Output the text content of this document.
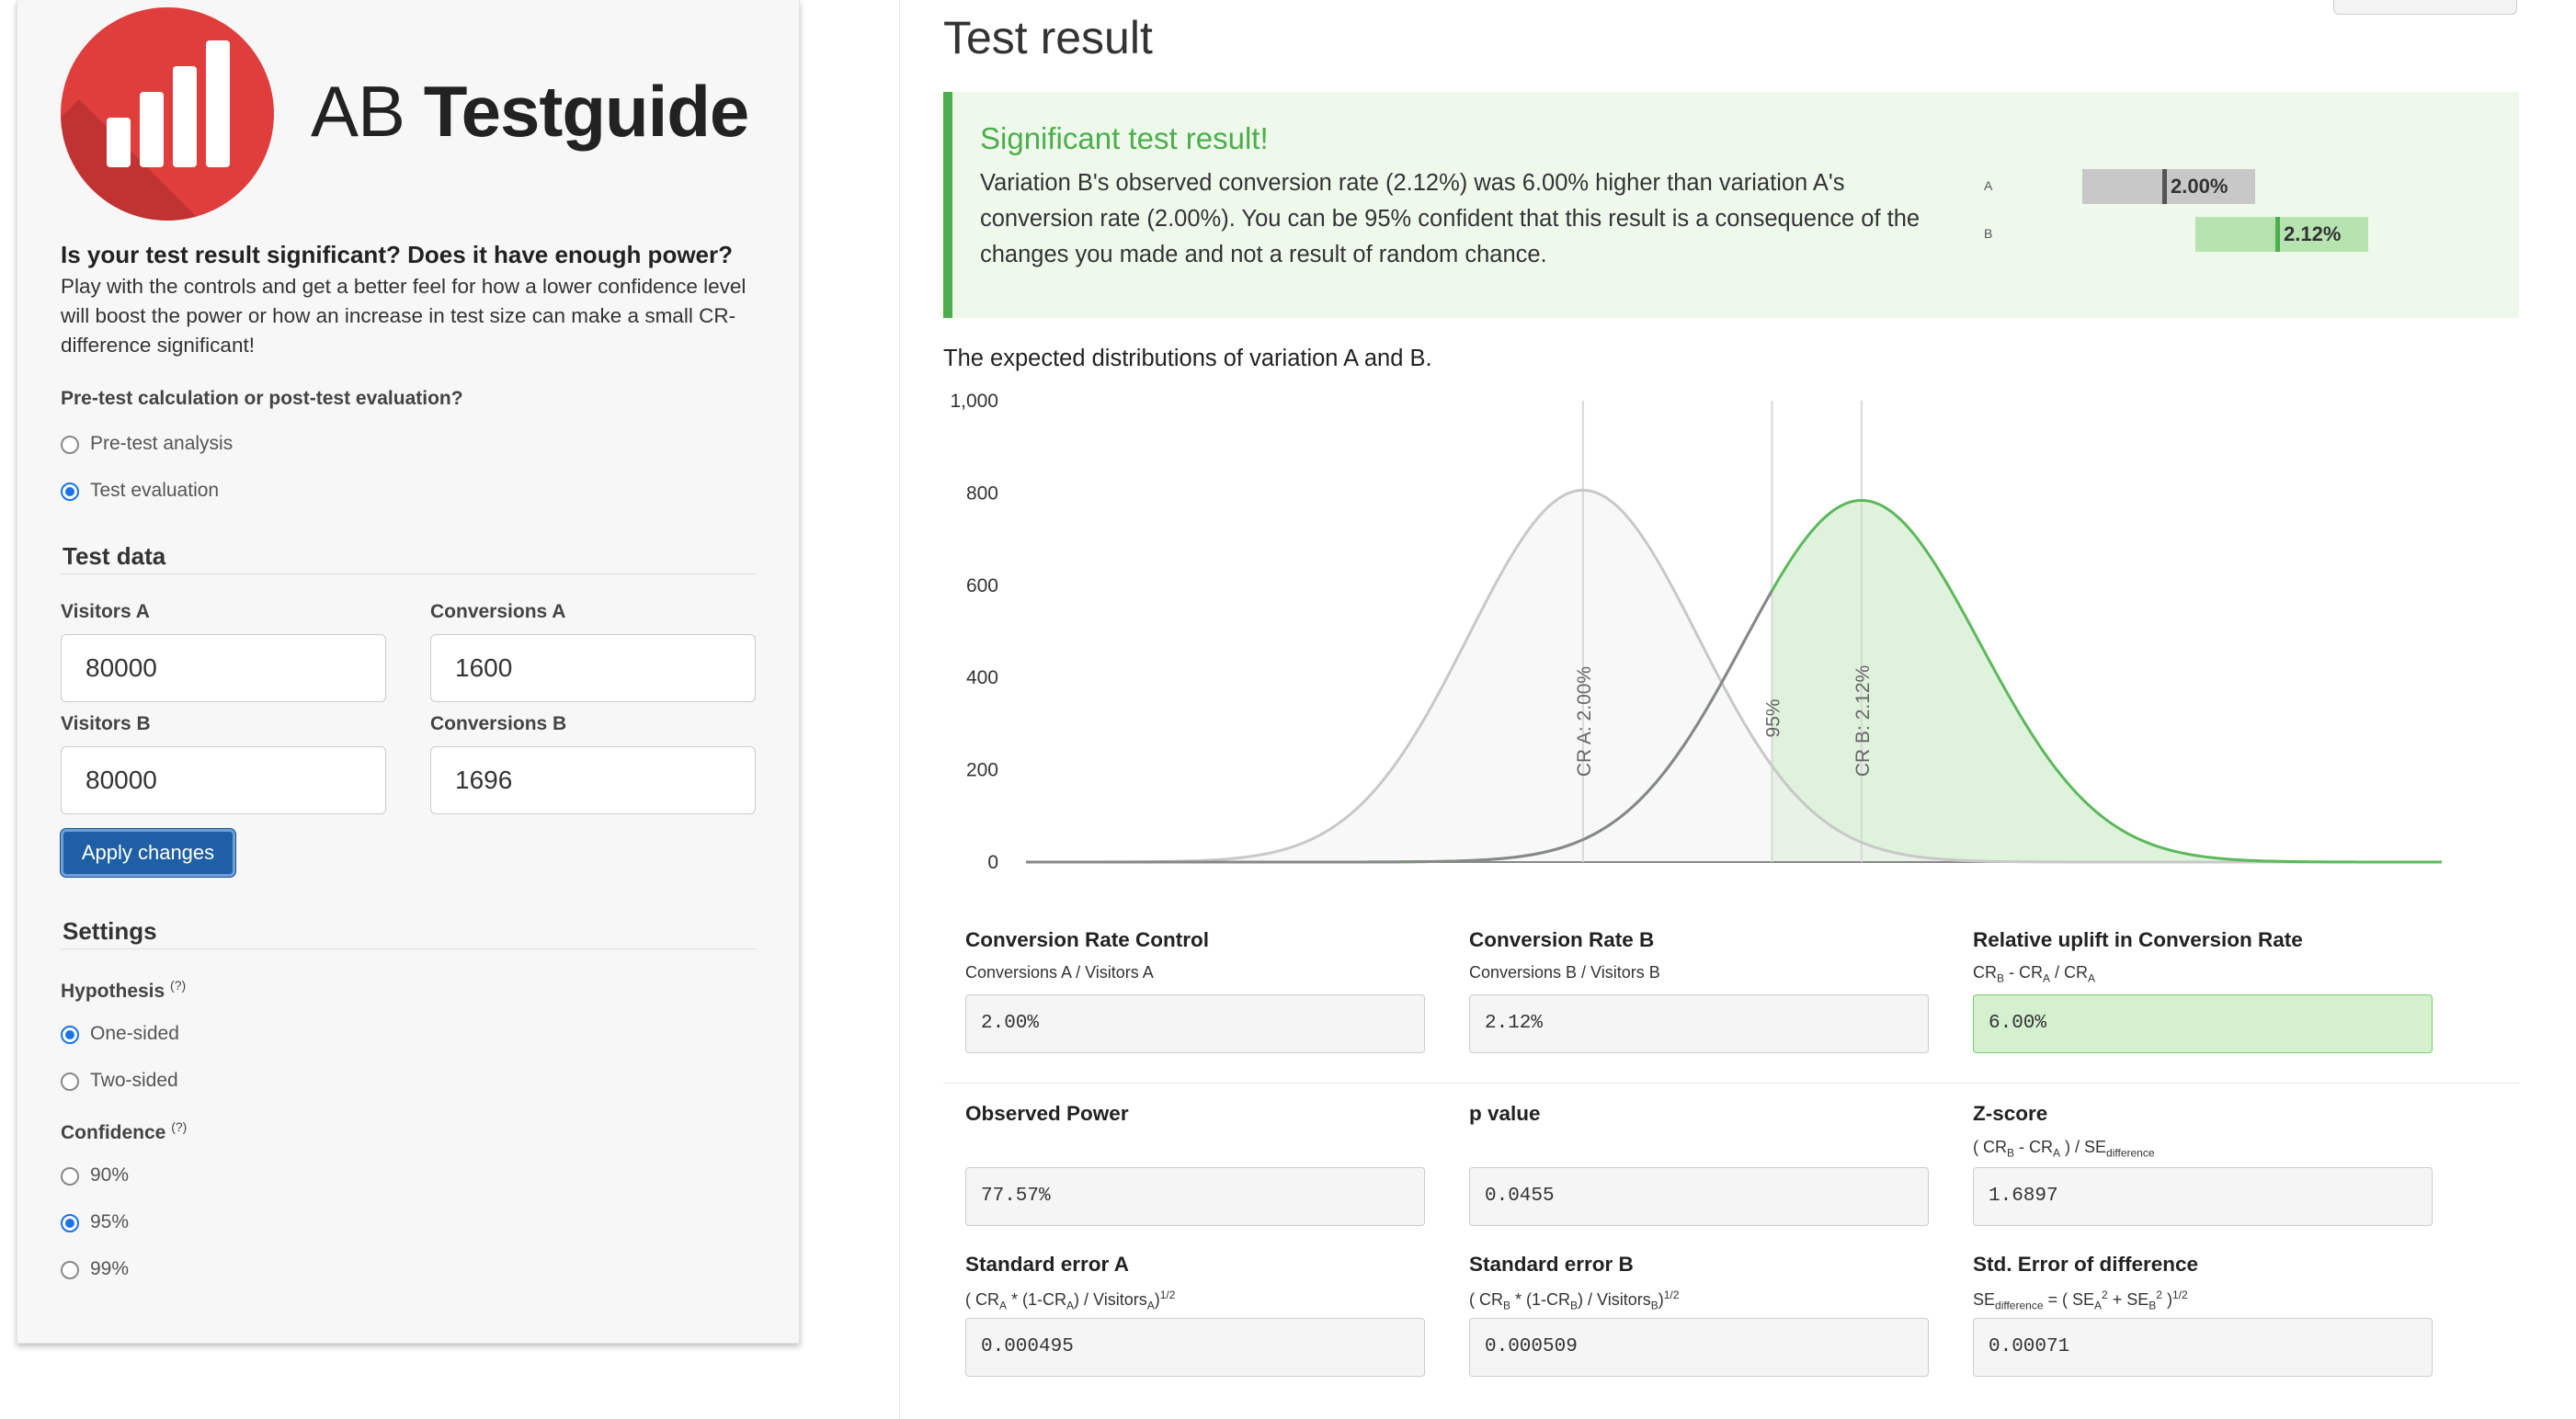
AB Testguide
Is your test result significant? Does it have enough power?
Play with the controls and get a better feel for how a lower confidence level will boost the power or how an increase in test size can make a small CR-difference significant!
Pre-test calculation or post-test evaluation?
Pre-test analysis
Test evaluation
Test data
Visitors A	Conversions A
80000	1600
Visitors B	Conversions B
80000	1696
Apply changes
Settings
Hypothesis (?)
One-sided
Two-sided
Confidence (?)
90%
95%
99%
Test result
Significant test result!
Variation B's observed conversion rate (2.12%) was 6.00% higher than variation A's conversion rate (2.00%). You can be 95% confident that this result is a consequence of the changes you made and not a result of random chance.
A	2.00%
B	2.12%
The expected distributions of variation A and B.
1,000
800
600
400
200
0
CR A: 2.00%	95%	CR B: 2.12%
Conversion Rate Control
Conversions A / Visitors A
2.00%
Conversion Rate B
Conversions B / Visitors B
2.12%
Relative uplift in Conversion Rate
$CR_B - CR_A / CR_A$
6.00%
Observed Power
77.57%
p value
0.0455
Z-score
( $CR_B - CR_A$ ) / $SE_{difference}$
1.6897
Standard error A
( $CR_A * (1-CR_A)$ / Visitors$_A$)$^{1/2}$
0.000495
Standard error B
( $CR_B * (1-CR_B)$ / Visitors$_B$)$^{1/2}$
0.000509
Std. Error of difference
$SE_{difference}$ = ( $SE_A^2 + SE_B^2$ )$^{1/2}$
0.00071
